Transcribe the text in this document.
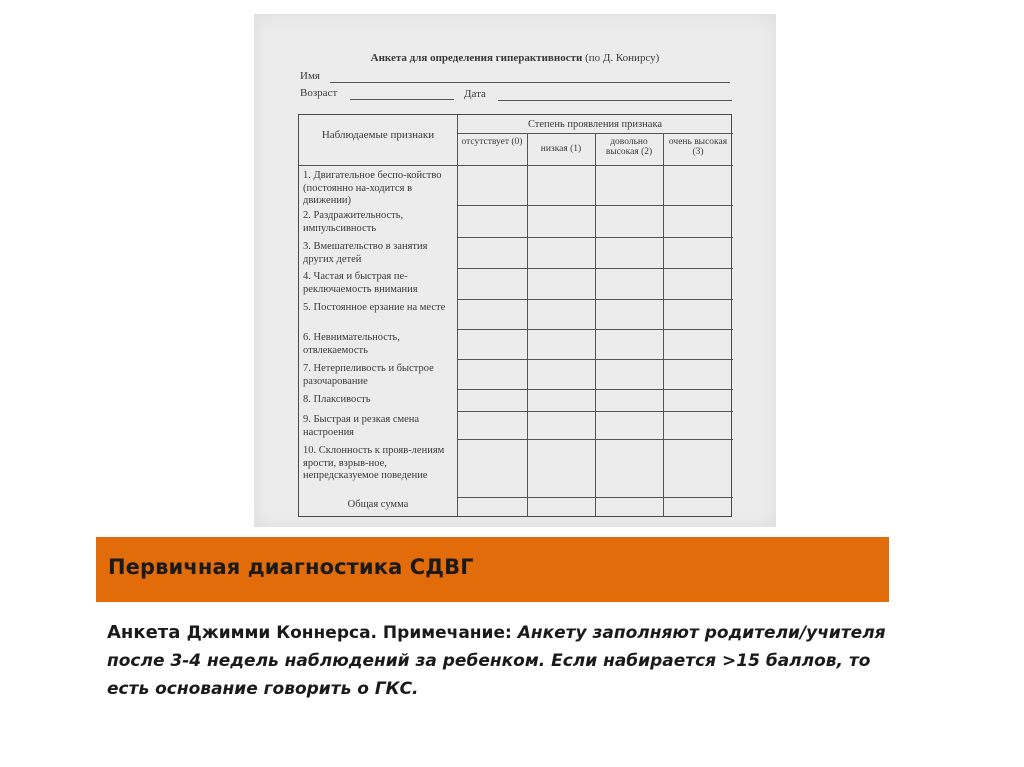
Анкета для определения гиперактивности (по Д. Конирсу)
Имя
Возраст	Дата
Наблюдаемые признаки
Степень проявления признака
отсутствует (0)
низкая (1)
довольно высокая (2)
очень высокая (3)
1. Двигательное беспо-койство (постоянно на-ходится в движении)
2. Раздражительность, импульсивность
3. Вмешательство в занятия других детей
4. Частая и быстрая пе-реключаемость внимания
5. Постоянное ерзание на месте
6. Невнимательность, отвлекаемость
7. Нетерпеливость и быстрое разочарование
8. Плаксивость
9. Быстрая и резкая смена настроения
10. Склонность к прояв-лениям ярости, взрыв-ное, непредсказуемое поведение
Общая сумма
Первичная диагностика СДВГ
Анкета Джимми Коннерса. Примечание: Анкету заполняют родители/учителя после 3-4 недель наблюдений за ребенком. Если набирается >15 баллов, то есть основание говорить о ГКС.
